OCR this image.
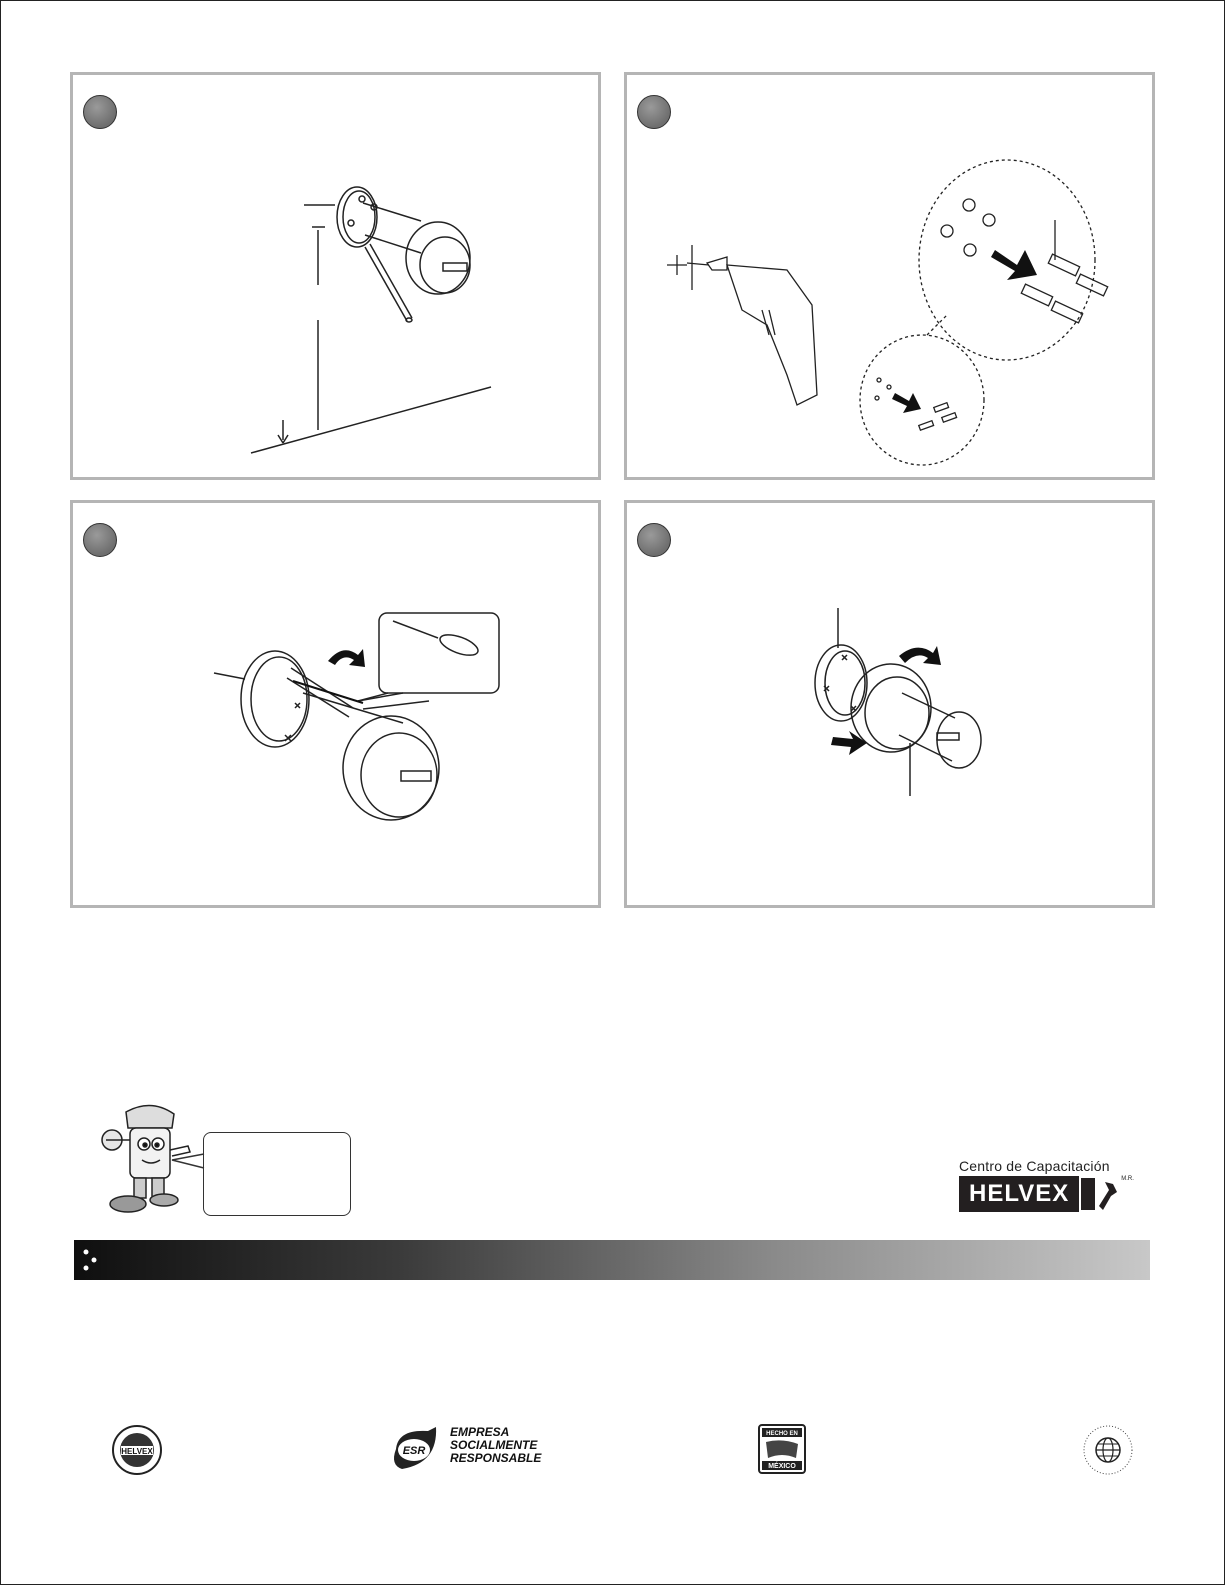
Centro de Capacitación
HELVEX
M.R.
HELVEX	ESR
EMPRESA
SOCIALMENTE
RESPONSABLE
HECHO EN
MÉXICO
